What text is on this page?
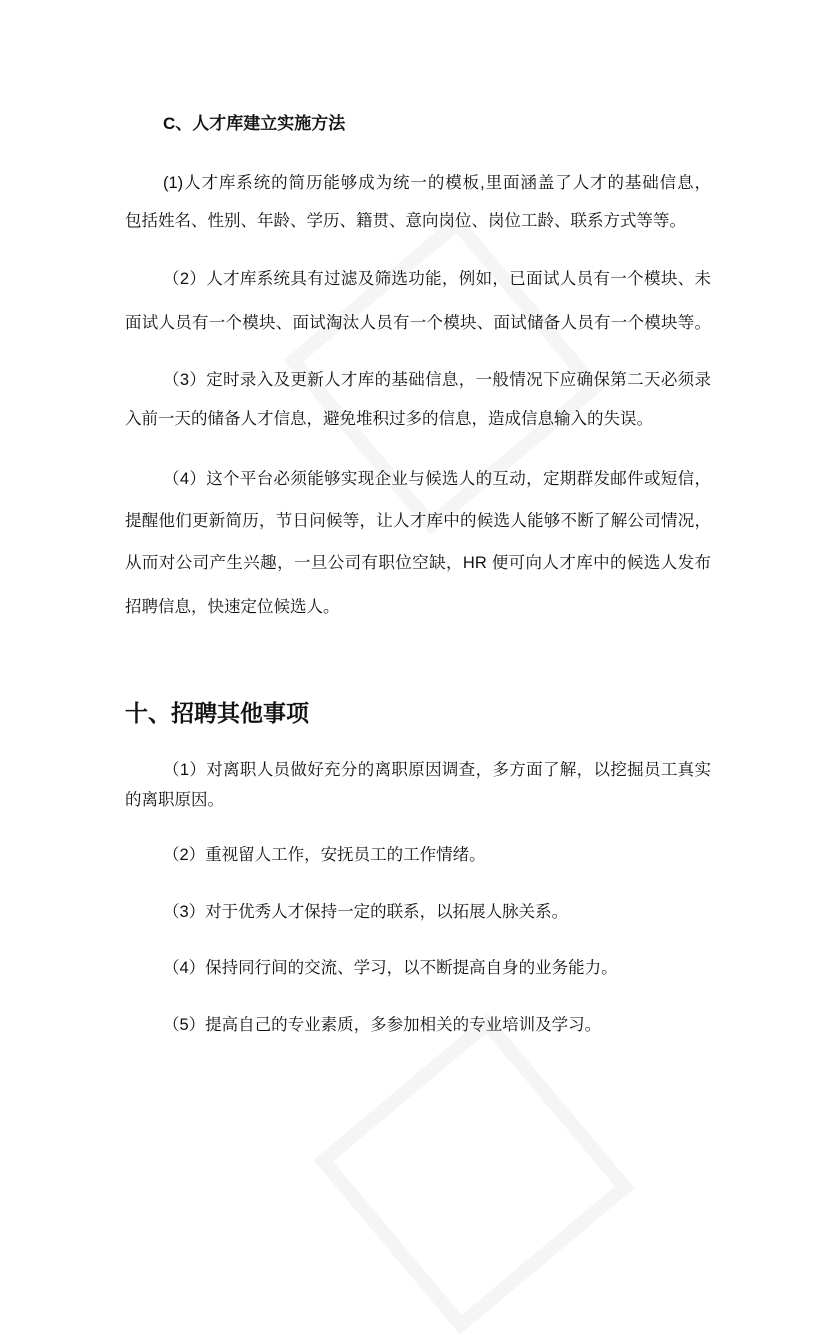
C、人才库建立实施方法
(1)人才库系统的简历能够成为统一的模板,里面涵盖了人才的基础信息，
包括姓名、性别、年龄、学历、籍贯、意向岗位、岗位工龄、联系方式等等。
（2）人才库系统具有过滤及筛选功能，例如，已面试人员有一个模块、未
面试人员有一个模块、面试淘汰人员有一个模块、面试储备人员有一个模块等。
（3）定时录入及更新人才库的基础信息，一般情况下应确保第二天必须录
入前一天的储备人才信息，避免堆积过多的信息，造成信息输入的失误。
（4）这个平台必须能够实现企业与候选人的互动，定期群发邮件或短信，
提醒他们更新简历，节日问候等，让人才库中的候选人能够不断了解公司情况，
从而对公司产生兴趣，一旦公司有职位空缺，HR 便可向人才库中的候选人发布
招聘信息，快速定位候选人。
十、招聘其他事项
（1）对离职人员做好充分的离职原因调查，多方面了解，以挖掘员工真实
的离职原因。
（2）重视留人工作，安抚员工的工作情绪。
（3）对于优秀人才保持一定的联系，以拓展人脉关系。
（4）保持同行间的交流、学习，以不断提高自身的业务能力。
（5）提高自己的专业素质，多参加相关的专业培训及学习。
